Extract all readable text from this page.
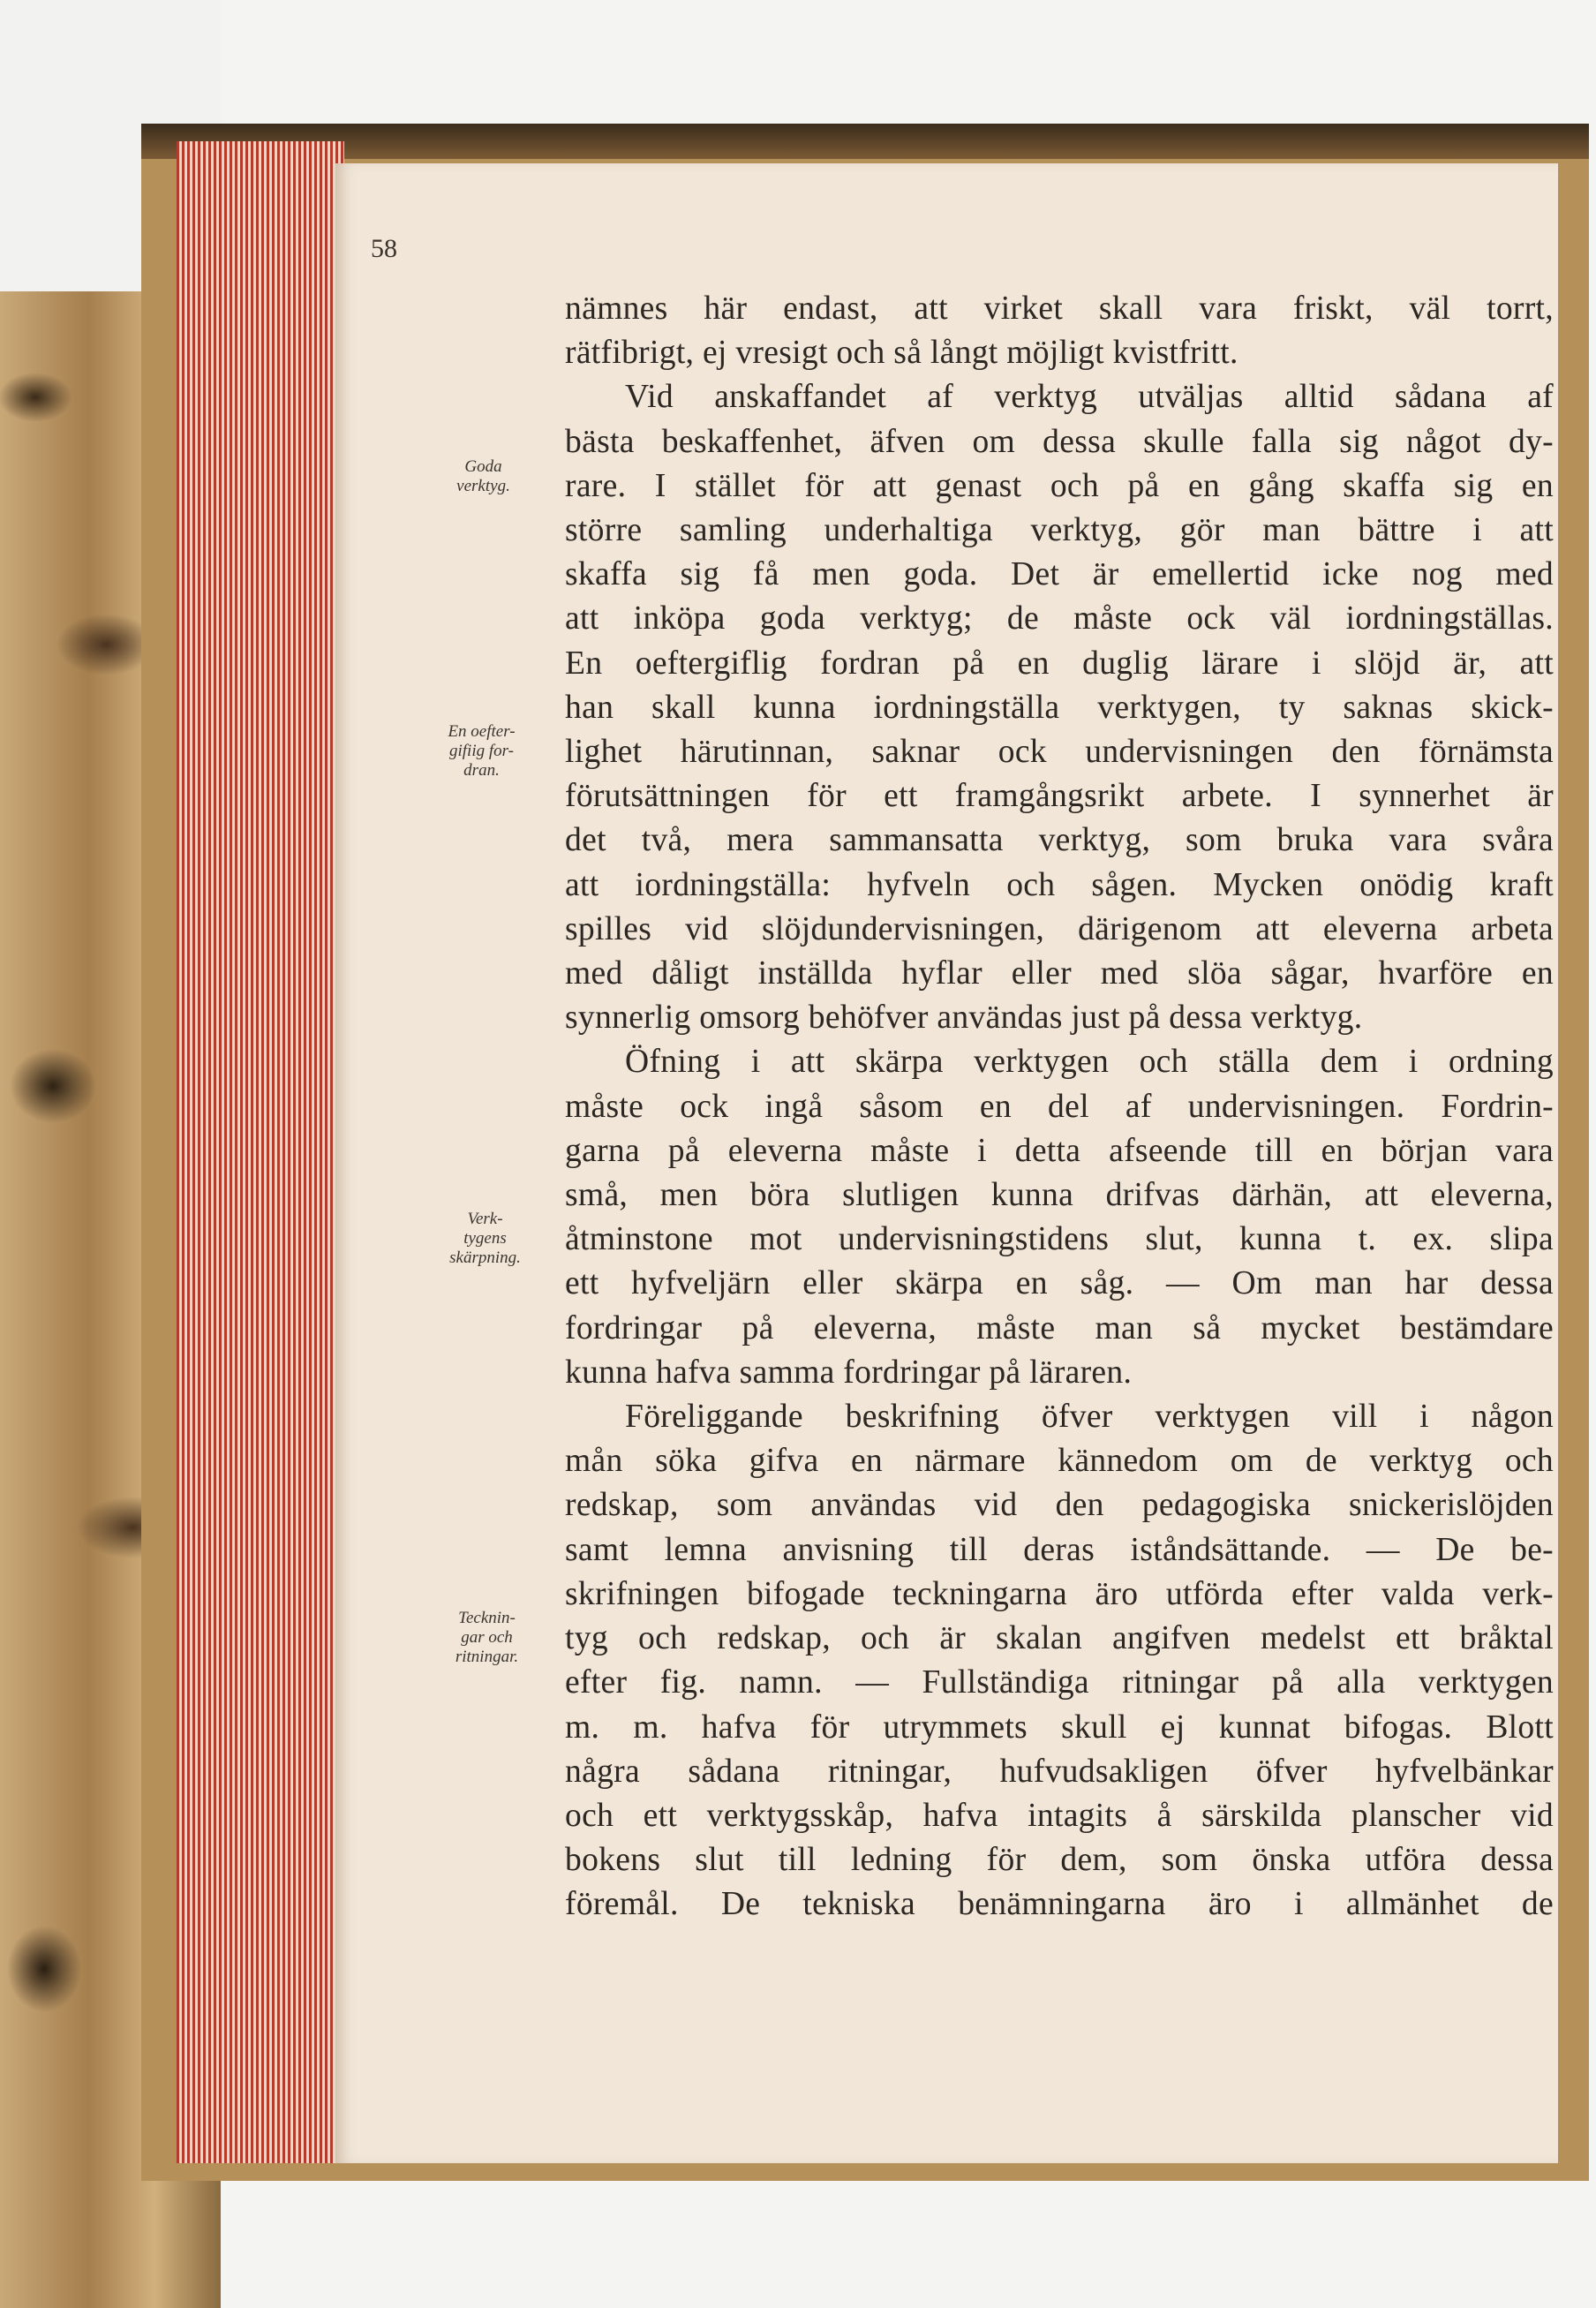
58

Goda
verktyg.
En oefter-
gifiig for-
dran.
Verk-
tygens
skärpning.
Tecknin-
gar och
ritningar.
nämnes här endast, att virket skall vara friskt, väl torrt,
rätfibrigt, ej vresigt och så långt möjligt kvistfritt.
Vid anskaffandet af verktyg utväljas alltid sådana af
bästa beskaffenhet, äfven om dessa skulle falla sig något dy-
rare. I stället för att genast och på en gång skaffa sig en
större samling underhaltiga verktyg, gör man bättre i att
skaffa sig få men goda. Det är emellertid icke nog med
att inköpa goda verktyg; de måste ock väl iordningställas.
En oeftergiflig fordran på en duglig lärare i slöjd är, att
han skall kunna iordningställa verktygen, ty saknas skick-
lighet härutinnan, saknar ock undervisningen den förnämsta
förutsättningen för ett framgångsrikt arbete. I synnerhet är
det två, mera sammansatta verktyg, som bruka vara svåra
att iordningställa: hyfveln och sågen. Mycken onödig kraft
spilles vid slöjdundervisningen, därigenom att eleverna arbeta
med dåligt inställda hyflar eller med slöa sågar, hvarföre en
synnerlig omsorg behöfver användas just på dessa verktyg.
Öfning i att skärpa verktygen och ställa dem i ordning
måste ock ingå såsom en del af undervisningen. Fordrin-
garna på eleverna måste i detta afseende till en början vara
små, men böra slutligen kunna drifvas därhän, att eleverna,
åtminstone mot undervisningstidens slut, kunna t. ex. slipa
ett hyfveljärn eller skärpa en såg. — Om man har dessa
fordringar på eleverna, måste man så mycket bestämdare
kunna hafva samma fordringar på läraren.
Föreliggande beskrifning öfver verktygen vill i någon
mån söka gifva en närmare kännedom om de verktyg och
redskap, som användas vid den pedagogiska snickerislöjden
samt lemna anvisning till deras iståndsättande. — De be-
skrifningen bifogade teckningarna äro utförda efter valda verk-
tyg och redskap, och är skalan angifven medelst ett bråktal
efter fig. namn. — Fullständiga ritningar på alla verktygen
m. m. hafva för utrymmets skull ej kunnat bifogas. Blott
några sådana ritningar, hufvudsakligen öfver hyfvelbänkar
och ett verktygsskåp, hafva intagits å särskilda planscher vid
bokens slut till ledning för dem, som önska utföra dessa
föremål. De tekniska benämningarna äro i allmänhet de
